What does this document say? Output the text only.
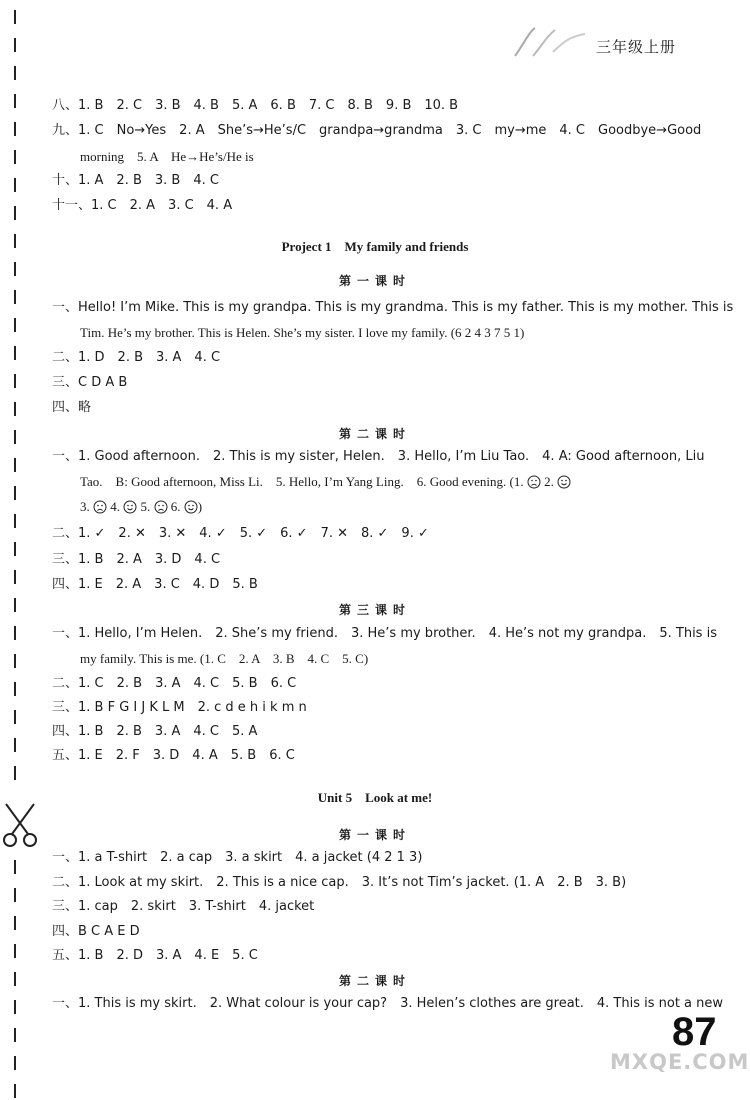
三年级上册
八、1. B　2. C　3. B　4. B　5. A　6. B　7. C　8. B　9. B　10. B
九、1. C　No→Yes　2. A　She’s→He’s/C　grandpa→grandma　3. C　my→me　4. C　Goodbye→Good
morning　5. A　He→He’s/He is
十、1. A　2. B　3. B　4. C
十一、1. C　2. A　3. C　4. A
Project 1　My family and friends
第一课时
一、Hello! I’m Mike. This is my grandpa. This is my grandma. This is my father. This is my mother. This is
Tim. He’s my brother. This is Helen. She’s my sister. I love my family. (6 2 4 3 7 5 1)
二、1. D　2. B　3. A　4. C
三、C D A B
四、略
第二课时
一、1. Good afternoon.　2. This is my sister, Helen.　3. Hello, I’m Liu Tao.　4. A: Good afternoon, Liu
Tao.　B: Good afternoon, Miss Li.　5. Hello, I’m Yang Ling.　6. Good evening. (1. 2.
3. 4. 5. 6. )
二、1. ✓　2. ✕　3. ✕　4. ✓　5. ✓　6. ✓　7. ✕　8. ✓　9. ✓
三、1. B　2. A　3. D　4. C
四、1. E　2. A　3. C　4. D　5. B
第三课时
一、1. Hello, I’m Helen.　2. She’s my friend.　3. He’s my brother.　4. He’s not my grandpa.　5. This is
my family. This is me. (1. C　2. A　3. B　4. C　5. C)
二、1. C　2. B　3. A　4. C　5. B　6. C
三、1. B F G I J K L M　2. c d e h i k m n
四、1. B　2. B　3. A　4. C　5. A
五、1. E　2. F　3. D　4. A　5. B　6. C
Unit 5　Look at me!
第一课时
一、1. a T-shirt　2. a cap　3. a skirt　4. a jacket (4 2 1 3)
二、1. Look at my skirt.　2. This is a nice cap.　3. It’s not Tim’s jacket. (1. A　2. B　3. B)
三、1. cap　2. skirt　3. T-shirt　4. jacket
四、B C A E D
五、1. B　2. D　3. A　4. E　5. C
第二课时
一、1. This is my skirt.　2. What colour is your cap?　3. Helen’s clothes are great.　4. This is not a new
87
MXQE.COM
